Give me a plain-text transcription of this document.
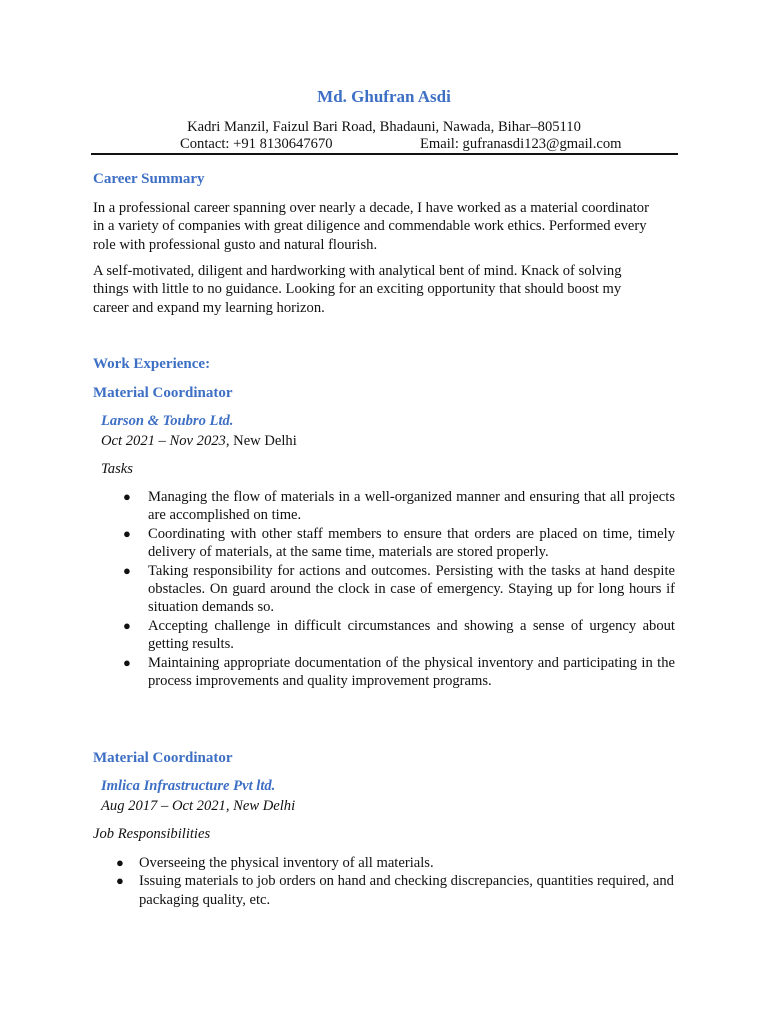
Md. Ghufran Asdi
Kadri Manzil, Faizul Bari Road, Bhadauni, Nawada, Bihar–805110
Contact: +91 8130647670	Email: gufranasdi123@gmail.com
Career Summary
In a professional career spanning over nearly a decade, I have worked as a material coordinator in a variety of companies with great diligence and commendable work ethics. Performed every role with professional gusto and natural flourish.
A self-motivated, diligent and hardworking with analytical bent of mind. Knack of solving things with little to no guidance. Looking for an exciting opportunity that should boost my career and expand my learning horizon.
Work Experience:
Material Coordinator
Larson & Toubro Ltd.
Oct 2021 – Nov 2023, New Delhi
Tasks
● Managing the flow of materials in a well-organized manner and ensuring that all projects are accomplished on time.
● Coordinating with other staff members to ensure that orders are placed on time, timely delivery of materials, at the same time, materials are stored properly.
● Taking responsibility for actions and outcomes. Persisting with the tasks at hand despite obstacles. On guard around the clock in case of emergency. Staying up for long hours if situation demands so.
● Accepting challenge in difficult circumstances and showing a sense of urgency about getting results.
● Maintaining appropriate documentation of the physical inventory and participating in the process improvements and quality improvement programs.
Material Coordinator
Imlica Infrastructure Pvt ltd.
Aug 2017 – Oct 2021, New Delhi
Job Responsibilities
● Overseeing the physical inventory of all materials.
● Issuing materials to job orders on hand and checking discrepancies, quantities required, and packaging quality, etc.
